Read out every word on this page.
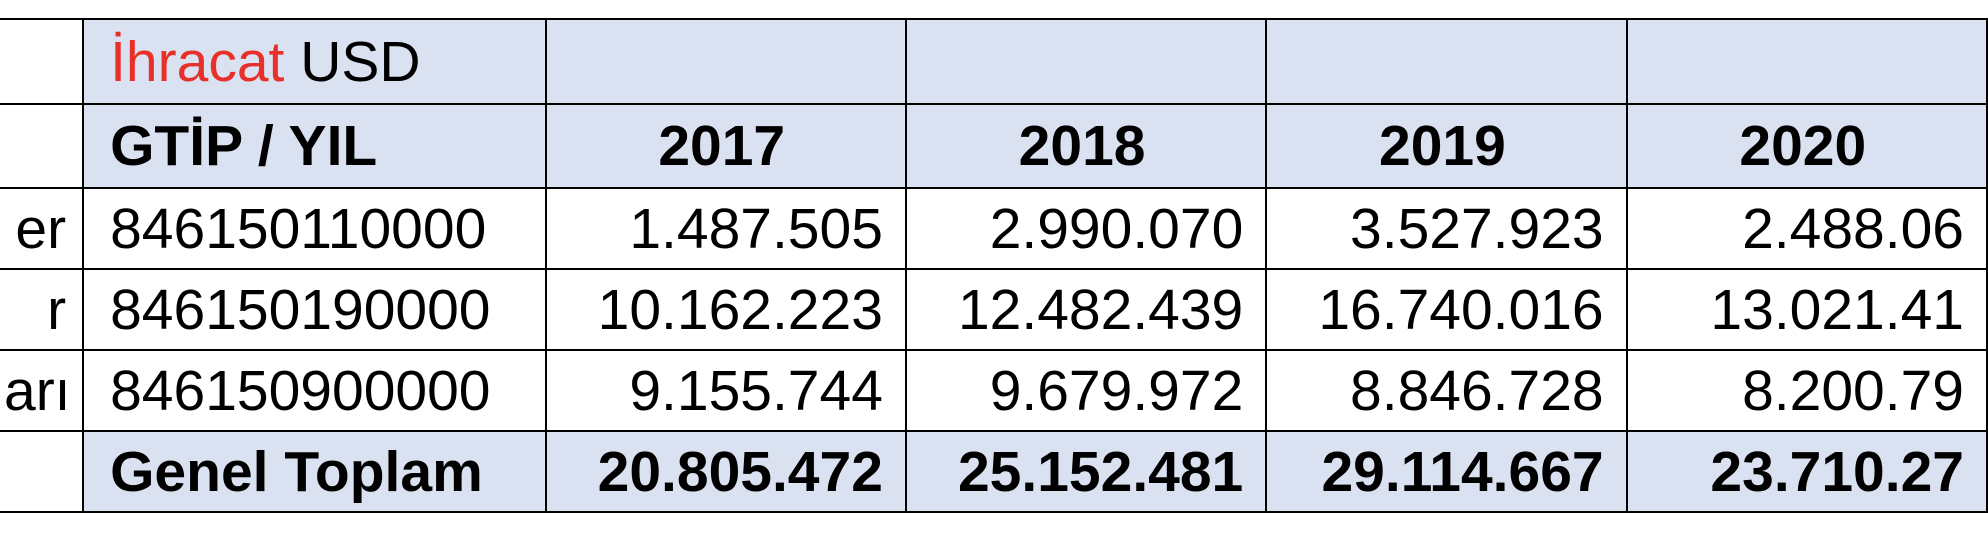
	İhracat USD				
	GTİP / YIL	2017	2018	2019	2020
er	846150110000	1.487.505	2.990.070	3.527.923	2.488.06
r	846150190000	10.162.223	12.482.439	16.740.016	13.021.41
arı	846150900000	9.155.744	9.679.972	8.846.728	8.200.79
	Genel Toplam	20.805.472	25.152.481	29.114.667	23.710.27
